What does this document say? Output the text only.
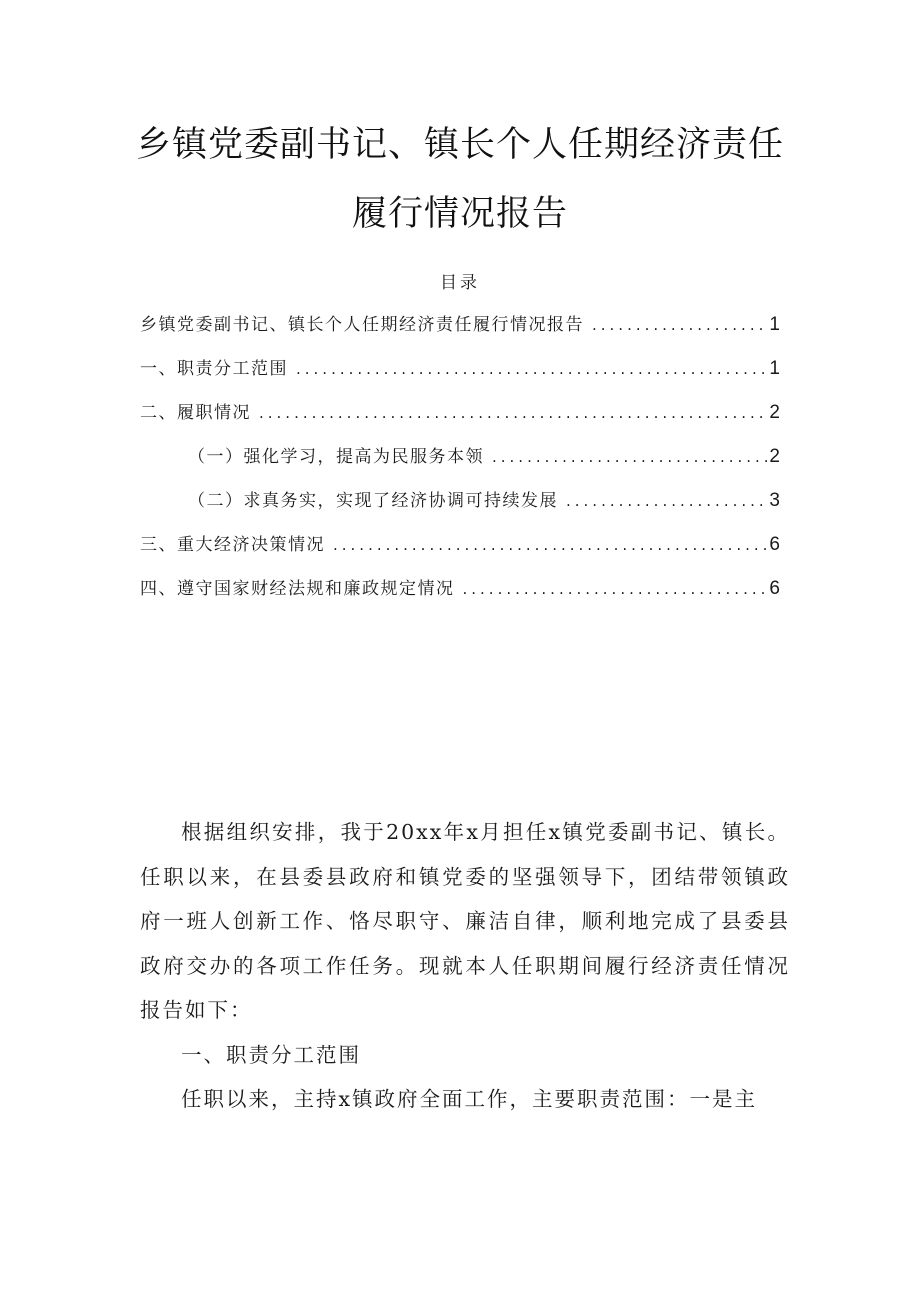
乡镇党委副书记、镇长个人任期经济责任
履行情况报告
目录
乡镇党委副书记、镇长个人任期经济责任履行情况报告 .....	1
一、职责分工范围 .....	1
二、履职情况 .....	2
（一）强化学习，提高为民服务本领 .....	2
（二）求真务实，实现了经济协调可持续发展 .....	3
三、重大经济决策情况 .....	6
四、遵守国家财经法规和廉政规定情况 .....	6

根据组织安排，我于20xx年x月担任x镇党委副书记、镇长。任职以来，在县委县政府和镇党委的坚强领导下，团结带领镇政府一班人创新工作、恪尽职守、廉洁自律，顺利地完成了县委县政府交办的各项工作任务。现就本人任职期间履行经济责任情况报告如下：

一、职责分工范围

任职以来，主持x镇政府全面工作，主要职责范围：一是主
